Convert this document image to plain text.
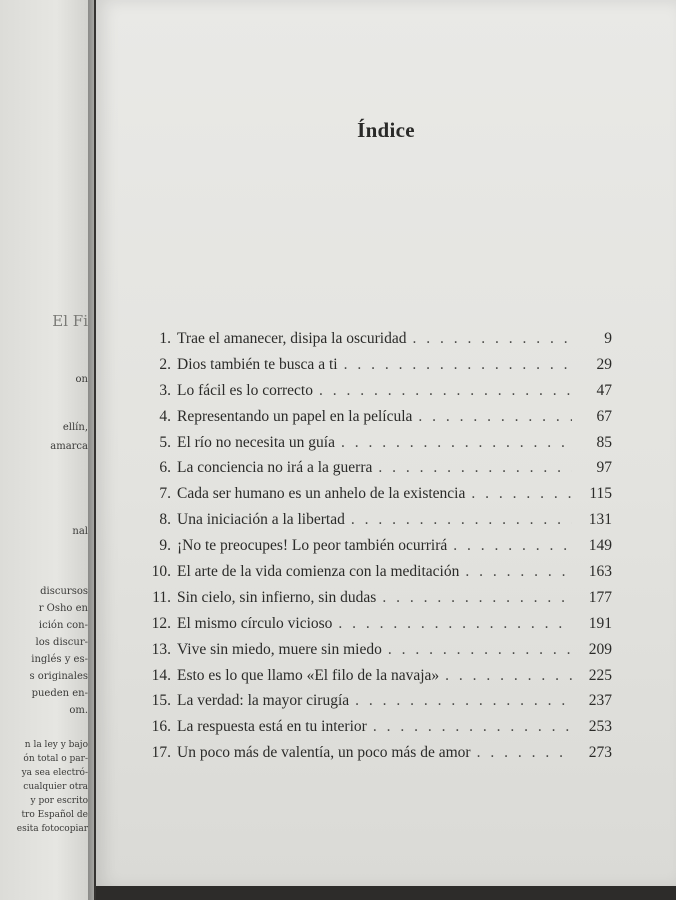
El Fi
on
ellín,
amarca
nal
discursos
r Osho en
ición con-
los discur-
inglés y es-
s originales
pueden en-
om.
n la ley y bajo
ón total o par-
ya sea electró-
cualquier otra
y por escrito
tro Español de
esita fotocopiar
Índice
1. Trae el amanecer, disipa la oscuridad . . .	9
2. Dios también te busca a ti . . .	29
3. Lo fácil es lo correcto . . .	47
4. Representando un papel en la película . . .	67
5. El río no necesita un guía . . .	85
6. La conciencia no irá a la guerra . . .	97
7. Cada ser humano es un anhelo de la existencia . . .	115
8. Una iniciación a la libertad . . .	131
9. ¡No te preocupes! Lo peor también ocurrirá . . .	149
10. El arte de la vida comienza con la meditación . . .	163
11. Sin cielo, sin infierno, sin dudas . . .	177
12. El mismo círculo vicioso . . .	191
13. Vive sin miedo, muere sin miedo . . .	209
14. Esto es lo que llamo «El filo de la navaja» . . .	225
15. La verdad: la mayor cirugía . . .	237
16. La respuesta está en tu interior . . .	253
17. Un poco más de valentía, un poco más de amor . . .	273
